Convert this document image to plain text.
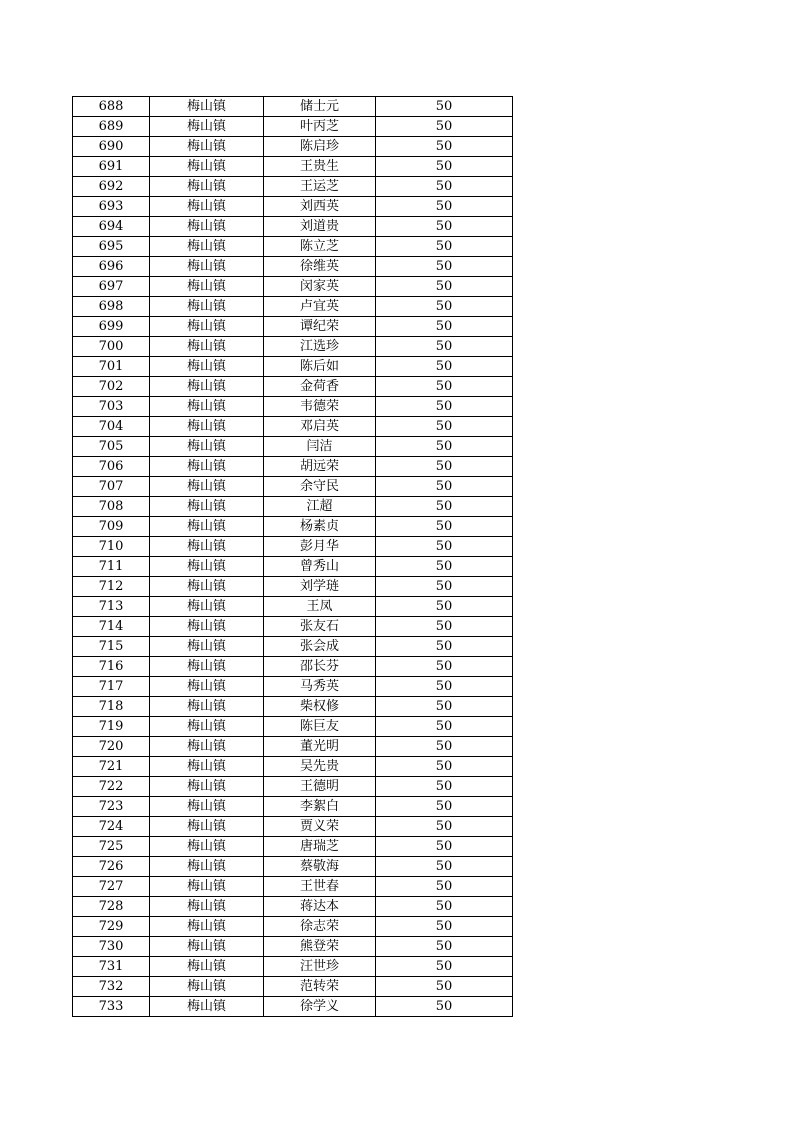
688	梅山镇	储士元	50
689	梅山镇	叶丙芝	50
690	梅山镇	陈启珍	50
691	梅山镇	王贵生	50
692	梅山镇	王运芝	50
693	梅山镇	刘西英	50
694	梅山镇	刘道贵	50
695	梅山镇	陈立芝	50
696	梅山镇	徐维英	50
697	梅山镇	闵家英	50
698	梅山镇	卢宜英	50
699	梅山镇	谭纪荣	50
700	梅山镇	江选珍	50
701	梅山镇	陈后如	50
702	梅山镇	金荷香	50
703	梅山镇	韦德荣	50
704	梅山镇	邓启英	50
705	梅山镇	闫洁	50
706	梅山镇	胡远荣	50
707	梅山镇	余守民	50
708	梅山镇	江超	50
709	梅山镇	杨素贞	50
710	梅山镇	彭月华	50
711	梅山镇	曾秀山	50
712	梅山镇	刘学琏	50
713	梅山镇	王凤	50
714	梅山镇	张友石	50
715	梅山镇	张会成	50
716	梅山镇	邵长芬	50
717	梅山镇	马秀英	50
718	梅山镇	柴权修	50
719	梅山镇	陈巨友	50
720	梅山镇	董光明	50
721	梅山镇	吴先贵	50
722	梅山镇	王德明	50
723	梅山镇	李絮白	50
724	梅山镇	贾义荣	50
725	梅山镇	唐瑞芝	50
726	梅山镇	蔡敬海	50
727	梅山镇	王世春	50
728	梅山镇	蒋达本	50
729	梅山镇	徐志荣	50
730	梅山镇	熊登荣	50
731	梅山镇	汪世珍	50
732	梅山镇	范转荣	50
733	梅山镇	徐学义	50
